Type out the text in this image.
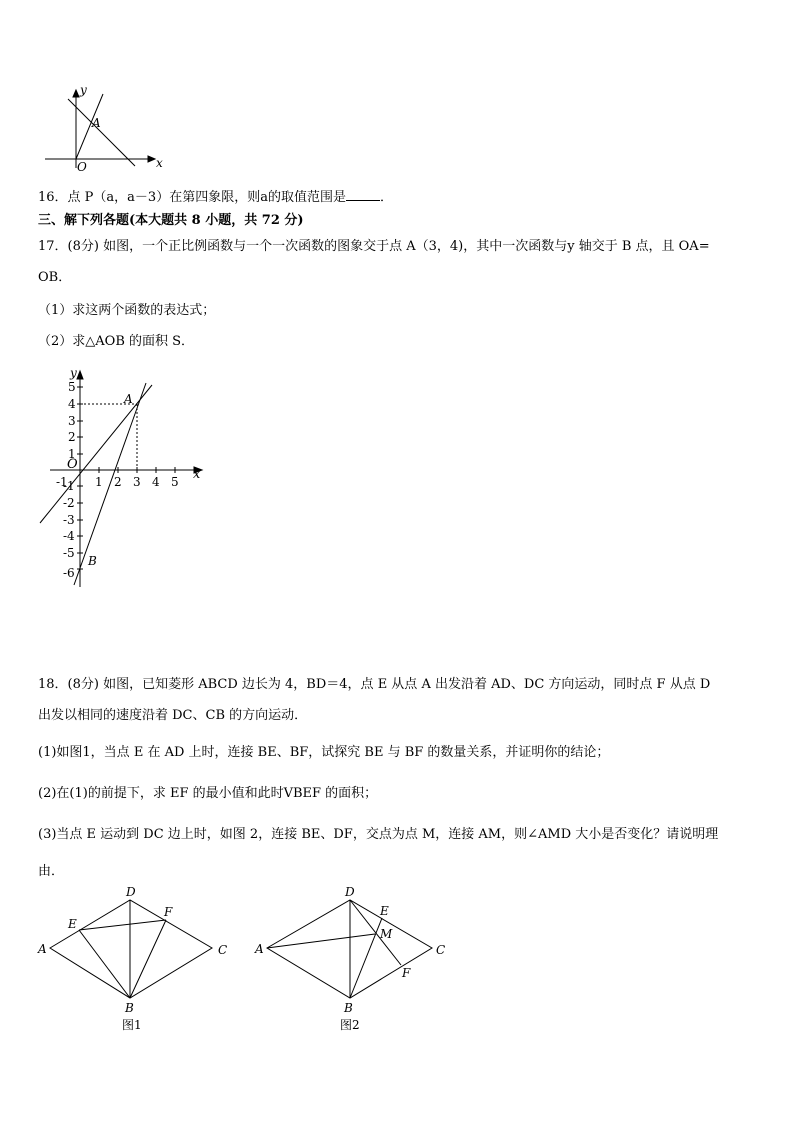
x
y
O
A
16．点 P（a，a－3）在第四象限，则a的取值范围是	．
三、解下列各题(本大题共 8 小题，共 72 分)
17．(8分) 如图，一个正比例函数与一个一次函数的图象交于点 A（3，4)，其中一次函数与y 轴交于 B 点，且 OA=
OB．
（1）求这两个函数的表达式；
（2）求△AOB 的面积 S．
5
4
3
2
1
-1
-2
-3
-4
-5
-6
-1 1 2 3 4 5 x
y
O
A
B
18．(8分) 如图，已知菱形 ABCD 边长为 4，BD＝4，点 E 从点 A 出发沿着 AD、DC 方向运动，同时点 F 从点 D
出发以相同的速度沿着 DC、CB 的方向运动．
(1)如图1，当点 E 在 AD 上时，连接 BE、BF，试探究 BE 与 BF 的数量关系，并证明你的结论；
(2)在(1)的前提下，求 EF 的最小值和此时VBEF 的面积；
(3)当点 E 运动到 DC 边上时，如图 2，连接 BE、DF，交点为点 M，连接 AM，则∠AMD 大小是否变化？请说明理
由．
A
B
C
D
E
F
图1
A
B
C
D
E
F
M
图2
